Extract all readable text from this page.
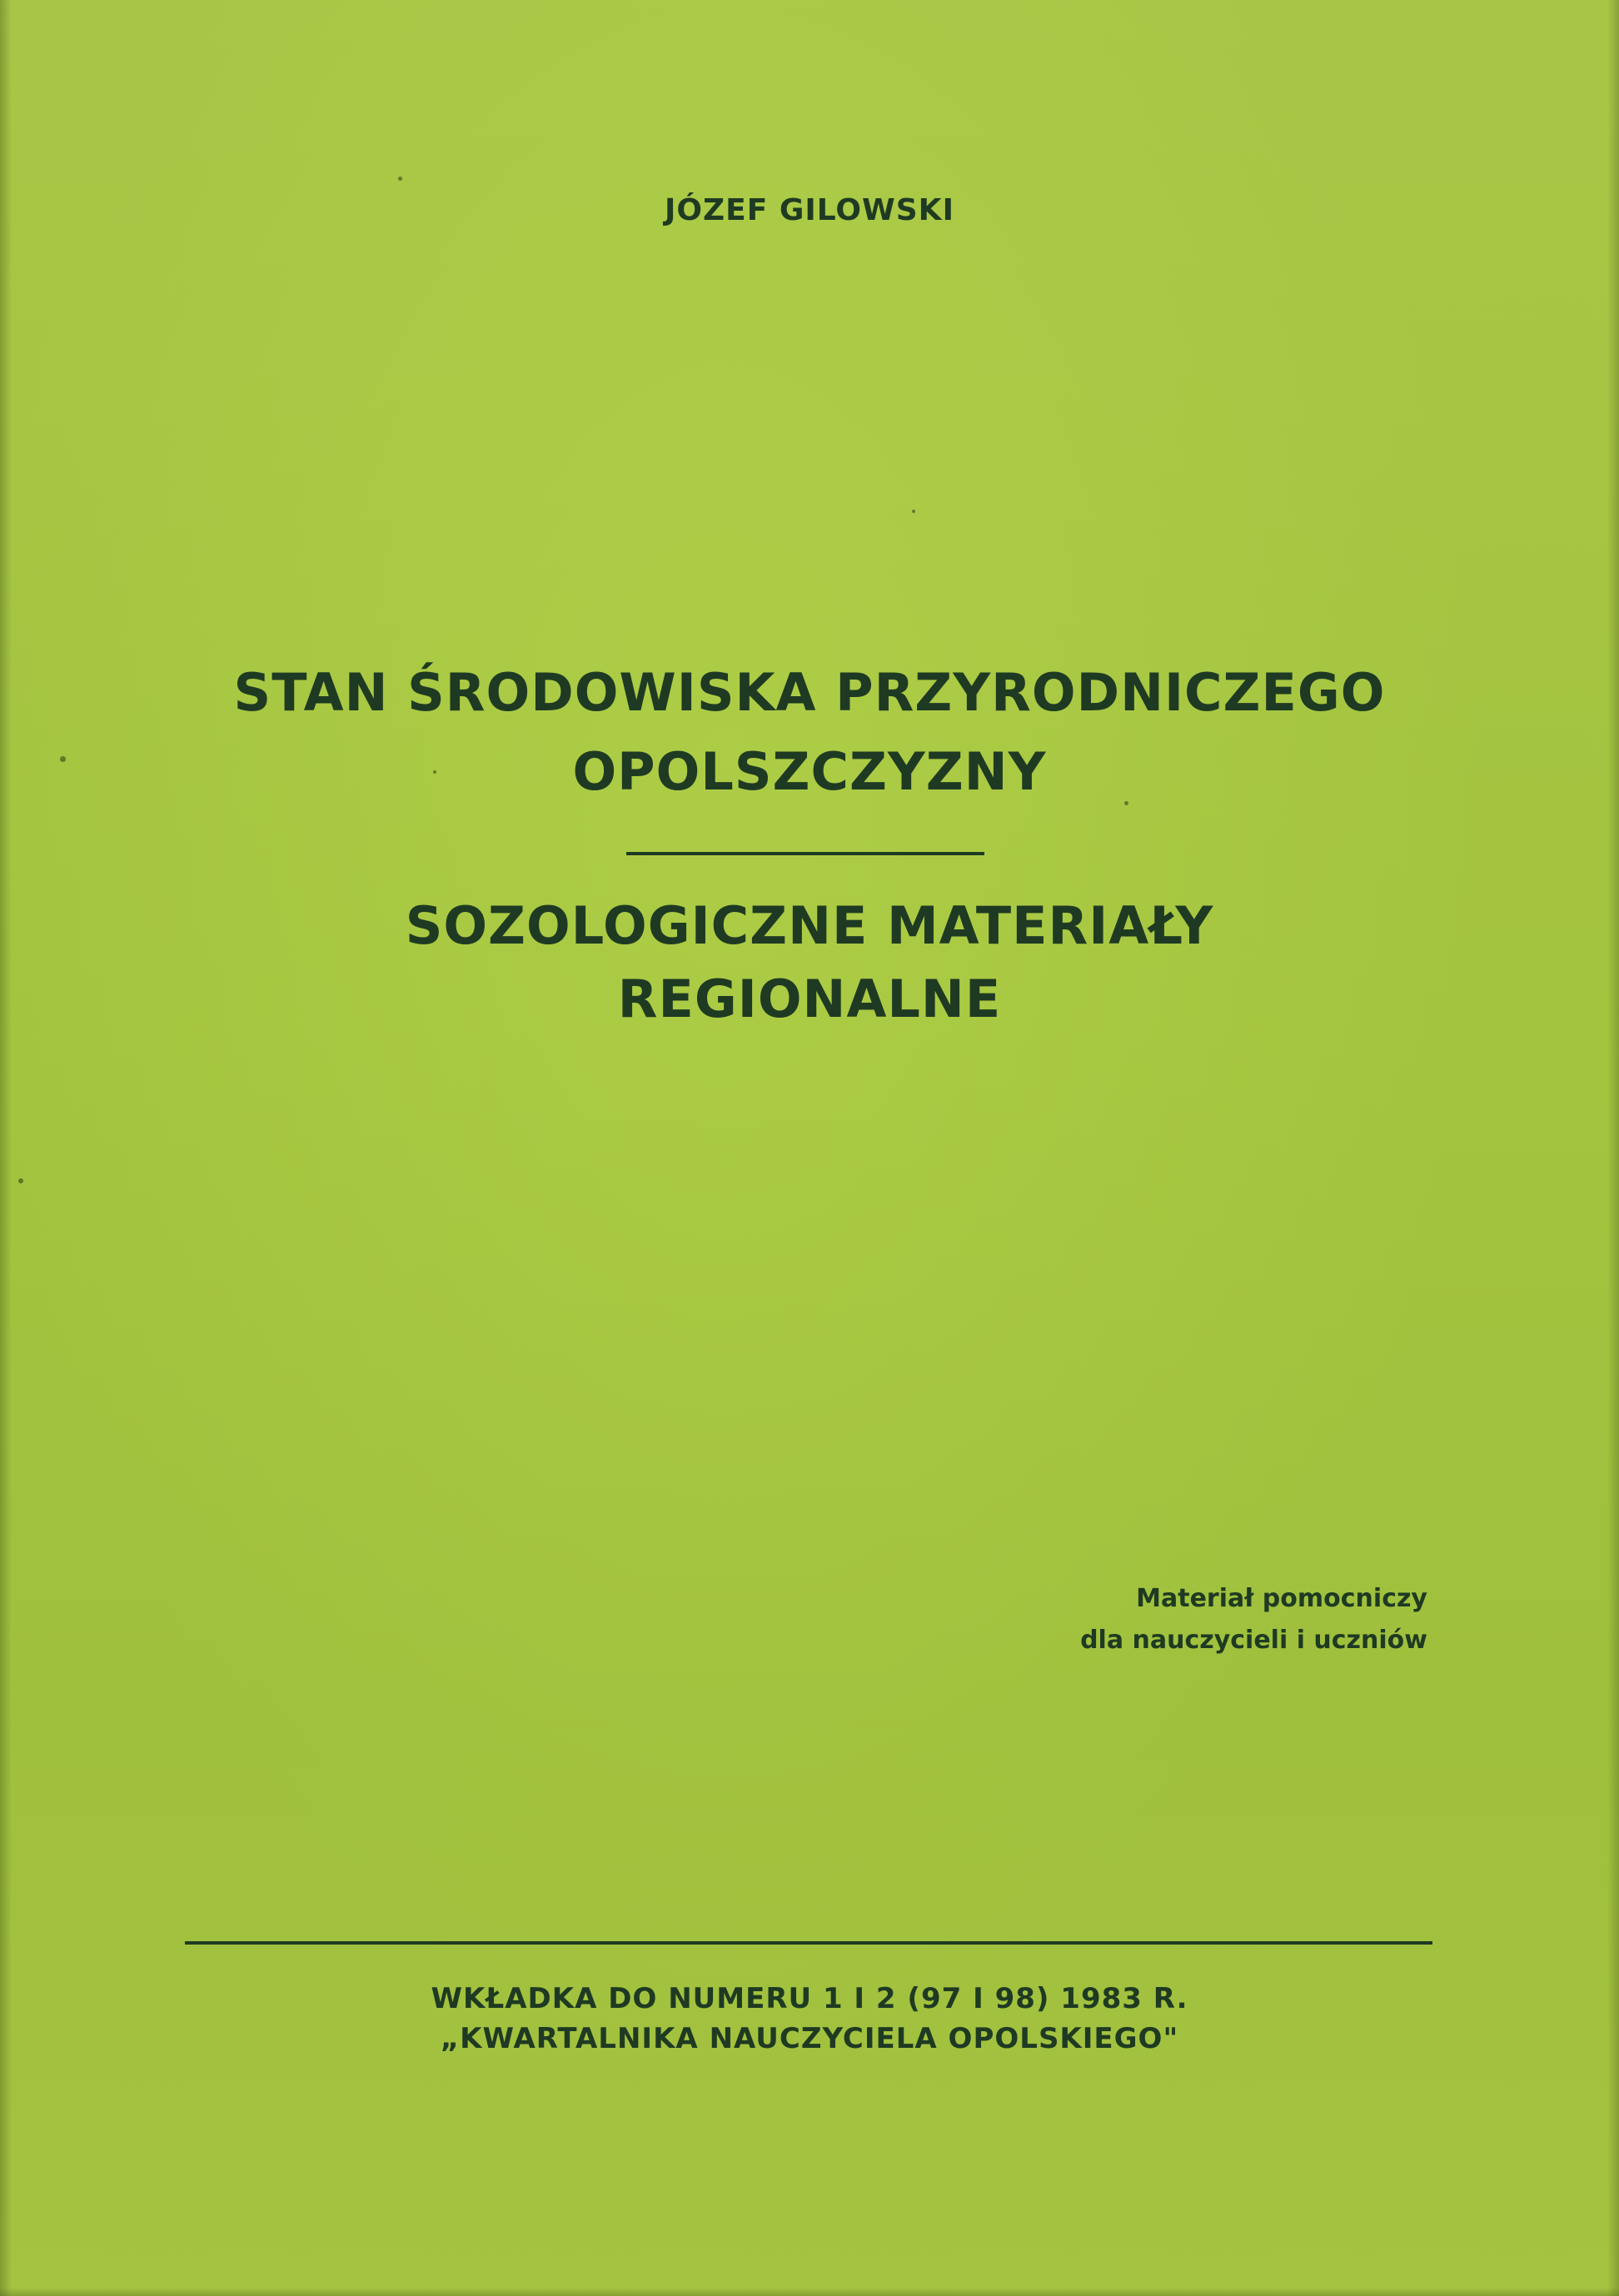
JÓZEF GILOWSKI

STAN ŚRODOWISKA PRZYRODNICZEGO

OPOLSZCZYZNY

SOZOLOGICZNE MATERIAŁY

REGIONALNE

Materiał pomocniczy

dla nauczycieli i uczniów

WKŁADKA DO NUMERU 1 I 2 (97 I 98) 1983 R.

„KWARTALNIKA NAUCZYCIELA OPOLSKIEGO"
